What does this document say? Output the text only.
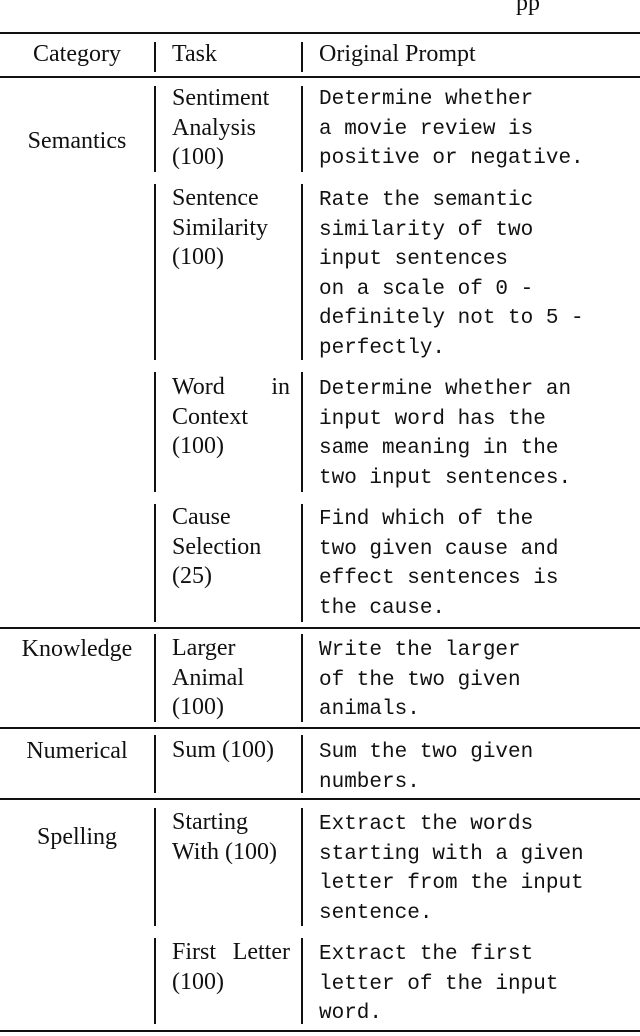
pp
Category	Task	Original Prompt
Semantics
Knowledge
Numerical
Spelling
Sentiment Analysis (100)
Sentence Similarity (100)
Word in Context (100)
Cause Selection (25)
Larger Animal (100)
Sum (100)
Starting With (100)
First Letter (100)
Determine whether
a movie review is
positive or negative.
Rate the semantic
similarity of two
input sentences
on a scale of 0 -
definitely not to 5 -
perfectly.
Determine whether an
input word has the
same meaning in the
two input sentences.
Find which of the
two given cause and
effect sentences is
the cause.
Write the larger
of the two given
animals.
Sum the two given
numbers.
Extract the words
starting with a given
letter from the input
sentence.
Extract the first
letter of the input
word.
